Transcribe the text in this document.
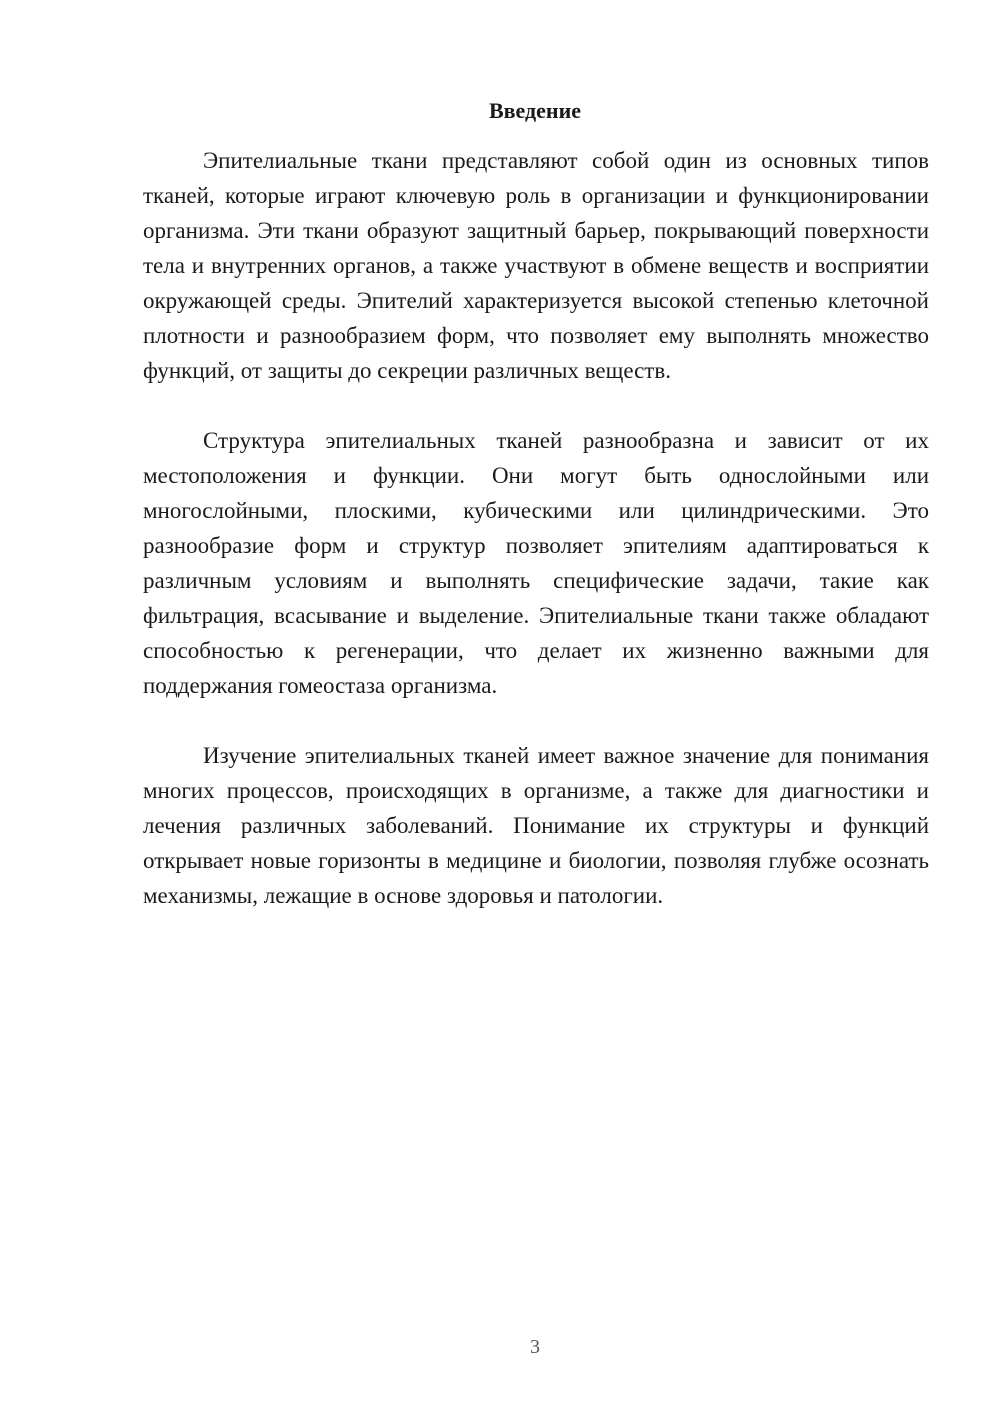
Введение

Эпителиальные ткани представляют собой один из основных типов тканей, которые играют ключевую роль в организации и функционировании организма. Эти ткани образуют защитный барьер, покрывающий поверхности тела и внутренних органов, а также участвуют в обмене веществ и восприятии окружающей среды. Эпителий характеризуется высокой степенью клеточной плотности и разнообразием форм, что позволяет ему выполнять множество функций, от защиты до секреции различных веществ.

Структура эпителиальных тканей разнообразна и зависит от их местоположения и функции. Они могут быть однослойными или многослойными, плоскими, кубическими или цилиндрическими. Это разнообразие форм и структур позволяет эпителиям адаптироваться к различным условиям и выполнять специфические задачи, такие как фильтрация, всасывание и выделение. Эпителиальные ткани также обладают способностью к регенерации, что делает их жизненно важными для поддержания гомеостаза организма.

Изучение эпителиальных тканей имеет важное значение для понимания многих процессов, происходящих в организме, а также для диагностики и лечения различных заболеваний. Понимание их структуры и функций открывает новые горизонты в медицине и биологии, позволяя глубже осознать механизмы, лежащие в основе здоровья и патологии.

3
